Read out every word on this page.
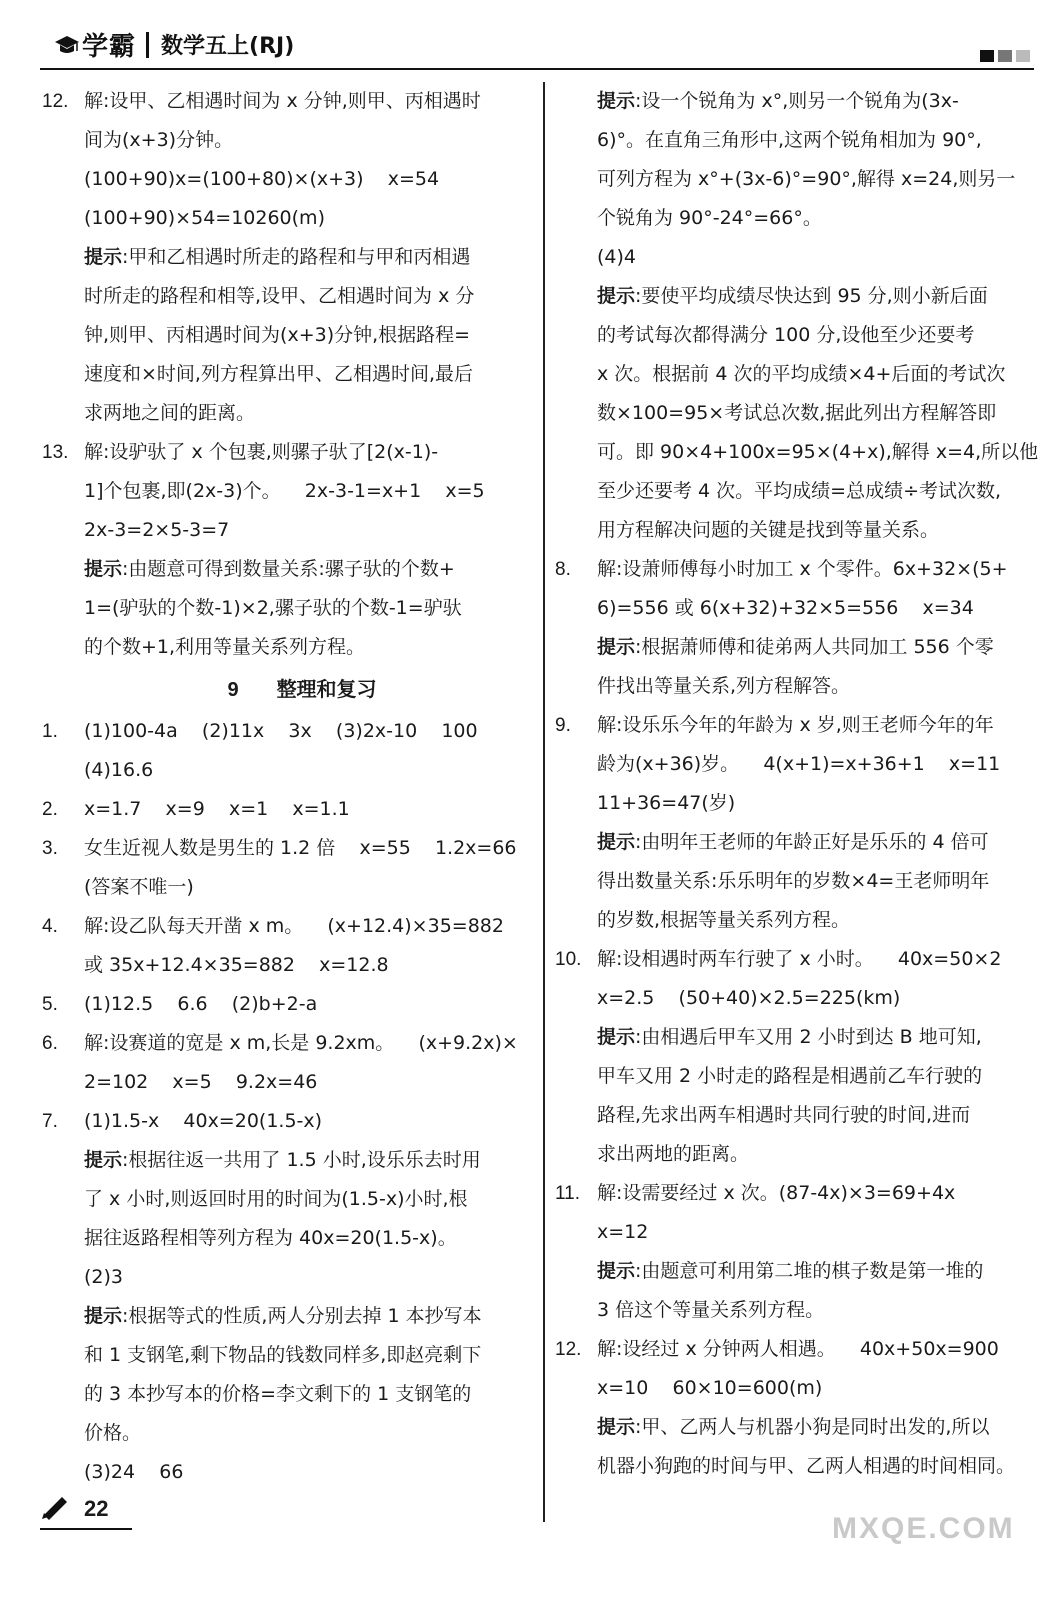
学霸 数学五上(RJ)
12. 解:设甲、乙相遇时间为 x 分钟,则甲、丙相遇时
间为(x+3)分钟。
(100+90)x=(100+80)×(x+3)    x=54
(100+90)×54=10260(m)
提示:甲和乙相遇时所走的路程和与甲和丙相遇
时所走的路程和相等,设甲、乙相遇时间为 x 分
钟,则甲、丙相遇时间为(x+3)分钟,根据路程=
速度和×时间,列方程算出甲、乙相遇时间,最后
求两地之间的距离。
13. 解:设驴驮了 x 个包裹,则骡子驮了[2(x-1)-
1]个包裹,即(2x-3)个。    2x-3-1=x+1    x=5
2x-3=2×5-3=7
提示:由题意可得到数量关系:骡子驮的个数+
1=(驴驮的个数-1)×2,骡子驮的个数-1=驴驮
的个数+1,利用等量关系列方程。
9 整理和复习
1. (1)100-4a    (2)11x    3x    (3)2x-10    100
(4)16.6
2. x=1.7    x=9    x=1    x=1.1
3. 女生近视人数是男生的 1.2 倍    x=55    1.2x=66
(答案不唯一)
4. 解:设乙队每天开凿 x m。    (x+12.4)×35=882
或 35x+12.4×35=882    x=12.8
5. (1)12.5    6.6    (2)b+2-a
6. 解:设赛道的宽是 x m,长是 9.2xm。    (x+9.2x)×
2=102    x=5    9.2x=46
7. (1)1.5-x    40x=20(1.5-x)
提示:根据往返一共用了 1.5 小时,设乐乐去时用
了 x 小时,则返回时用的时间为(1.5-x)小时,根
据往返路程相等列方程为 40x=20(1.5-x)。
(2)3
提示:根据等式的性质,两人分别去掉 1 本抄写本
和 1 支钢笔,剩下物品的钱数同样多,即赵亮剩下
的 3 本抄写本的价格=李文剩下的 1 支钢笔的
价格。
(3)24    66
提示:设一个锐角为 x°,则另一个锐角为(3x-
6)°。在直角三角形中,这两个锐角相加为 90°,
可列方程为 x°+(3x-6)°=90°,解得 x=24,则另一
个锐角为 90°-24°=66°。
(4)4
提示:要使平均成绩尽快达到 95 分,则小新后面
的考试每次都得满分 100 分,设他至少还要考
x 次。根据前 4 次的平均成绩×4+后面的考试次
数×100=95×考试总次数,据此列出方程解答即
可。即 90×4+100x=95×(4+x),解得 x=4,所以他
至少还要考 4 次。平均成绩=总成绩÷考试次数,
用方程解决问题的关键是找到等量关系。
8. 解:设萧师傅每小时加工 x 个零件。6x+32×(5+
6)=556 或 6(x+32)+32×5=556    x=34
提示:根据萧师傅和徒弟两人共同加工 556 个零
件找出等量关系,列方程解答。
9. 解:设乐乐今年的年龄为 x 岁,则王老师今年的年
龄为(x+36)岁。    4(x+1)=x+36+1    x=11
11+36=47(岁)
提示:由明年王老师的年龄正好是乐乐的 4 倍可
得出数量关系:乐乐明年的岁数×4=王老师明年
的岁数,根据等量关系列方程。
10. 解:设相遇时两车行驶了 x 小时。    40x=50×2
x=2.5    (50+40)×2.5=225(km)
提示:由相遇后甲车又用 2 小时到达 B 地可知,
甲车又用 2 小时走的路程是相遇前乙车行驶的
路程,先求出两车相遇时共同行驶的时间,进而
求出两地的距离。
11. 解:设需要经过 x 次。(87-4x)×3=69+4x
x=12
提示:由题意可利用第二堆的棋子数是第一堆的
3 倍这个等量关系列方程。
12. 解:设经过 x 分钟两人相遇。    40x+50x=900
x=10    60×10=600(m)
提示:甲、乙两人与机器小狗是同时出发的,所以
机器小狗跑的时间与甲、乙两人相遇的时间相同。
22
MXQE.COM
